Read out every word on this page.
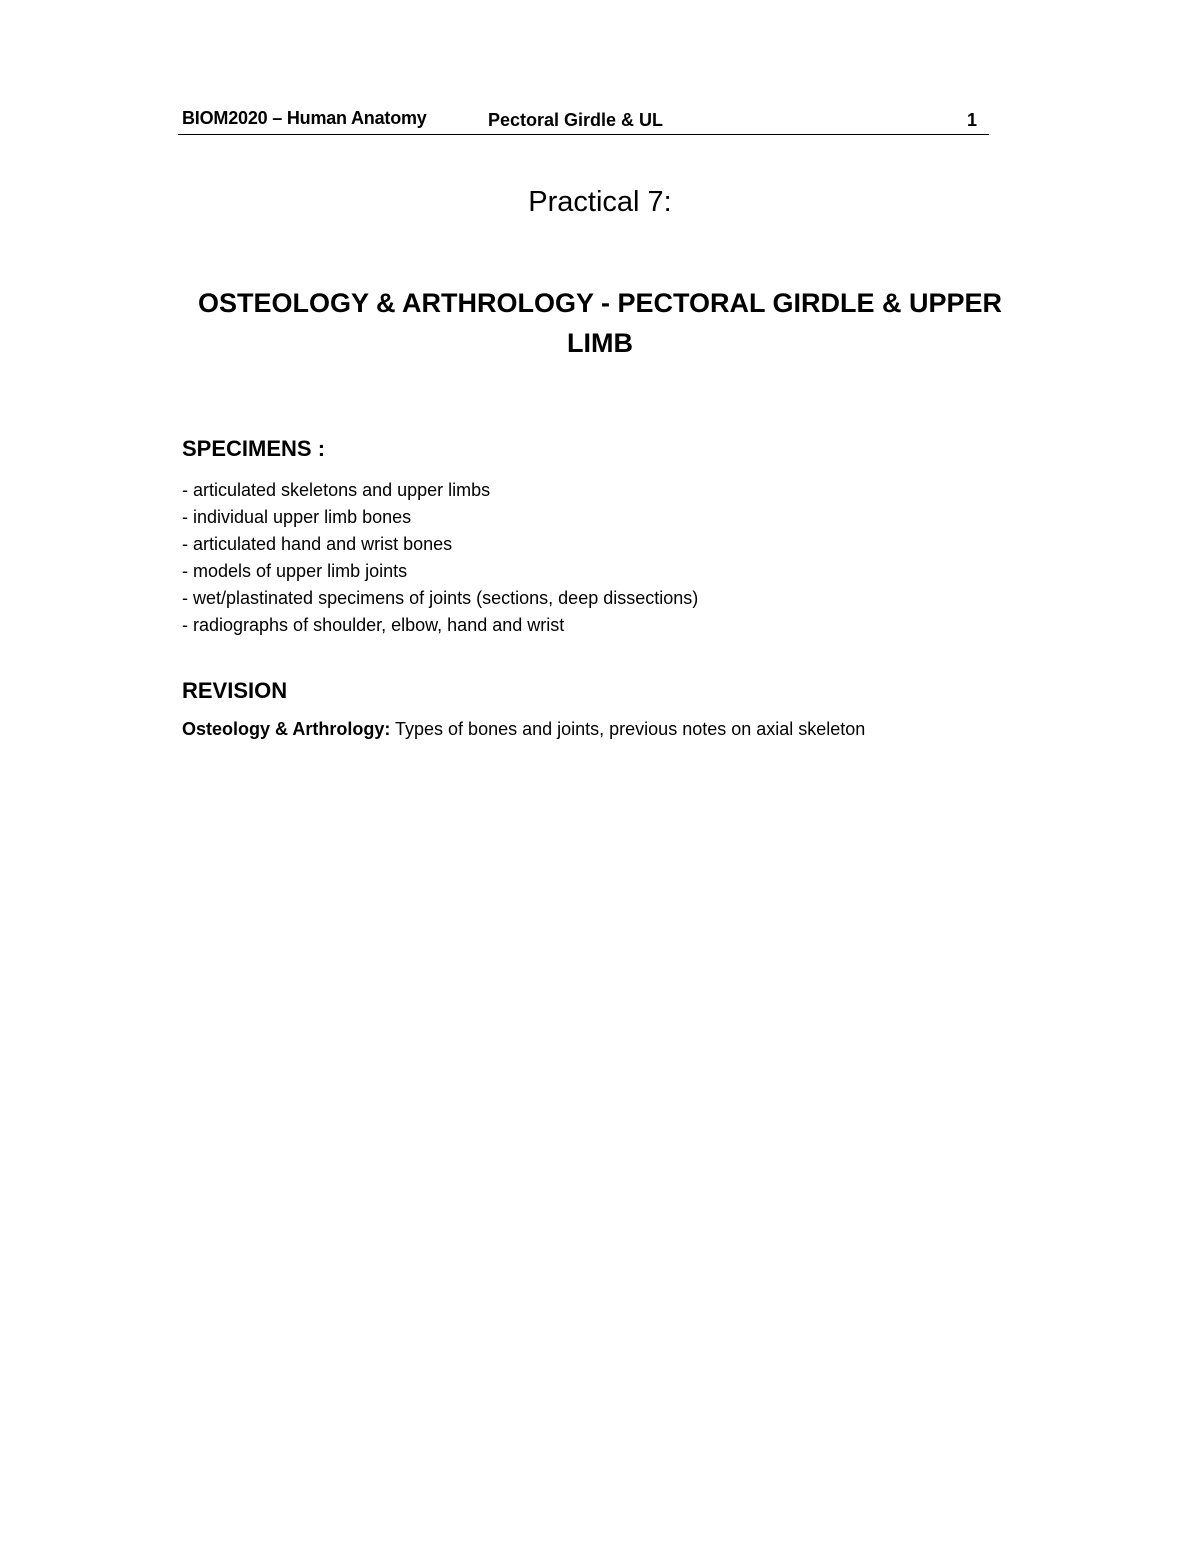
BIOM2020 – Human Anatomy	Pectoral Girdle & UL	1
Practical 7:
OSTEOLOGY & ARTHROLOGY - PECTORAL GIRDLE & UPPER
LIMB
SPECIMENS :
- articulated skeletons and upper limbs
- individual upper limb bones
- articulated hand and wrist bones
- models of upper limb joints
- wet/plastinated specimens of joints (sections, deep dissections)
- radiographs of shoulder, elbow, hand and wrist
REVISION
Osteology & Arthrology: Types of bones and joints, previous notes on axial skeleton
